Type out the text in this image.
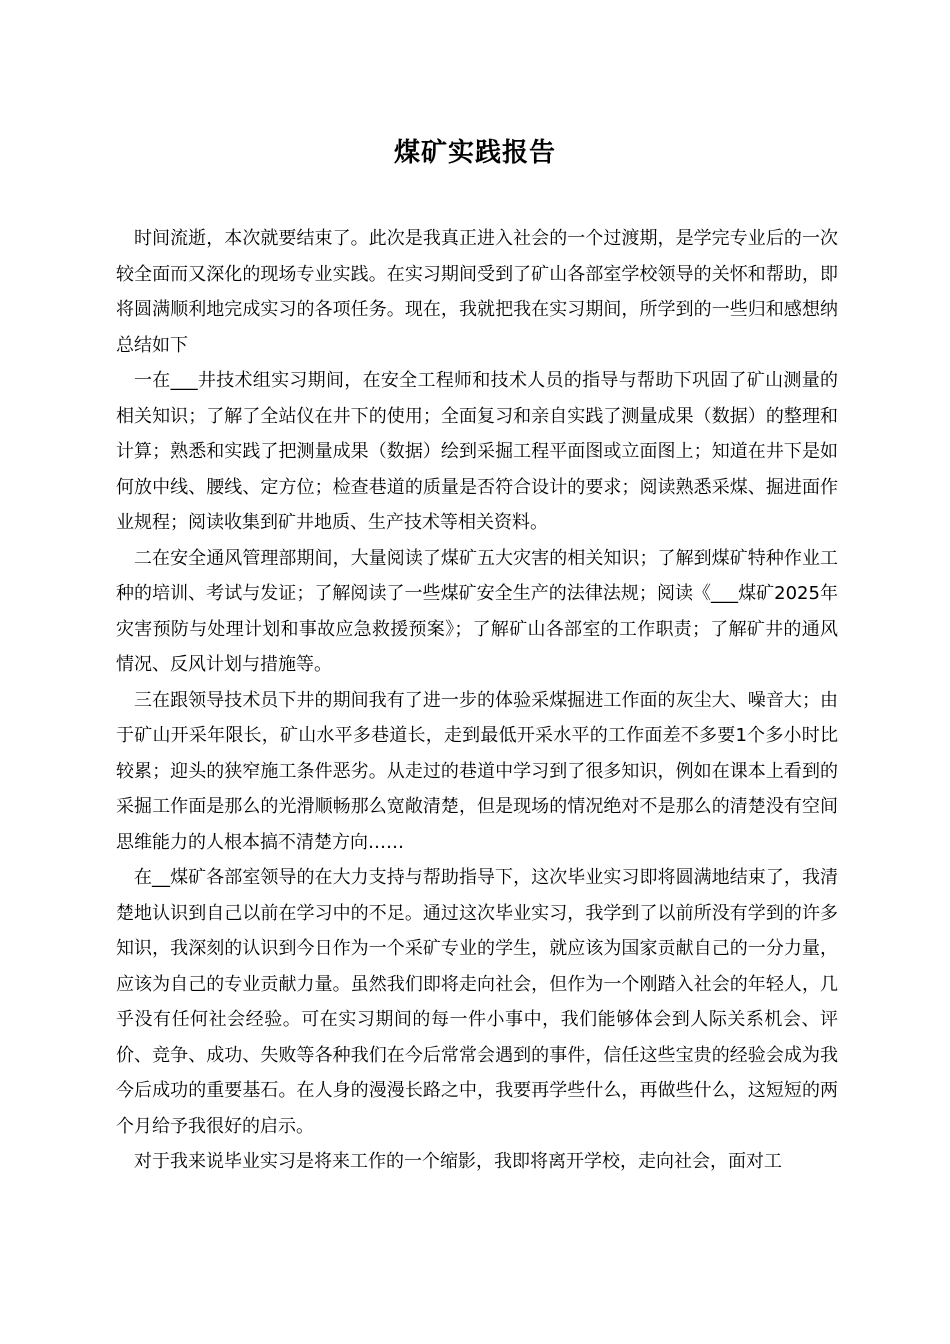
煤矿实践报告

时间流逝，本次就要结束了。此次是我真正进入社会的一个过渡期，是学完专业后的一次较全面而又深化的现场专业实践。在实习期间受到了矿山各部室学校领导的关怀和帮助，即将圆满顺利地完成实习的各项任务。现在，我就把我在实习期间，所学到的一些归和感想纳总结如下

一在___井技术组实习期间，在安全工程师和技术人员的指导与帮助下巩固了矿山测量的相关知识；了解了全站仪在井下的使用；全面复习和亲自实践了测量成果（数据）的整理和计算；熟悉和实践了把测量成果（数据）绘到采掘工程平面图或立面图上；知道在井下是如何放中线、腰线、定方位；检查巷道的质量是否符合设计的要求；阅读熟悉采煤、掘进面作业规程；阅读收集到矿井地质、生产技术等相关资料。

二在安全通风管理部期间，大量阅读了煤矿五大灾害的相关知识；了解到煤矿特种作业工种的培训、考试与发证；了解阅读了一些煤矿安全生产的法律法规；阅读《___煤矿2025年灾害预防与处理计划和事故应急救援预案》；了解矿山各部室的工作职责；了解矿井的通风情况、反风计划与措施等。

三在跟领导技术员下井的期间我有了进一步的体验采煤掘进工作面的灰尘大、噪音大；由于矿山开采年限长，矿山水平多巷道长，走到最低开采水平的工作面差不多要1个多小时比较累；迎头的狭窄施工条件恶劣。从走过的巷道中学习到了很多知识，例如在课本上看到的采掘工作面是那么的光滑顺畅那么宽敞清楚，但是现场的情况绝对不是那么的清楚没有空间思维能力的人根本搞不清楚方向……

在__煤矿各部室领导的在大力支持与帮助指导下，这次毕业实习即将圆满地结束了，我清楚地认识到自己以前在学习中的不足。通过这次毕业实习，我学到了以前所没有学到的许多知识，我深刻的认识到今日作为一个采矿专业的学生，就应该为国家贡献自己的一分力量，应该为自己的专业贡献力量。虽然我们即将走向社会，但作为一个刚踏入社会的年轻人，几乎没有任何社会经验。可在实习期间的每一件小事中，我们能够体会到人际关系机会、评价、竞争、成功、失败等各种我们在今后常常会遇到的事件，信任这些宝贵的经验会成为我今后成功的重要基石。在人身的漫漫长路之中，我要再学些什么，再做些什么，这短短的两个月给予我很好的启示。

对于我来说毕业实习是将来工作的一个缩影，我即将离开学校，走向社会，面对工
